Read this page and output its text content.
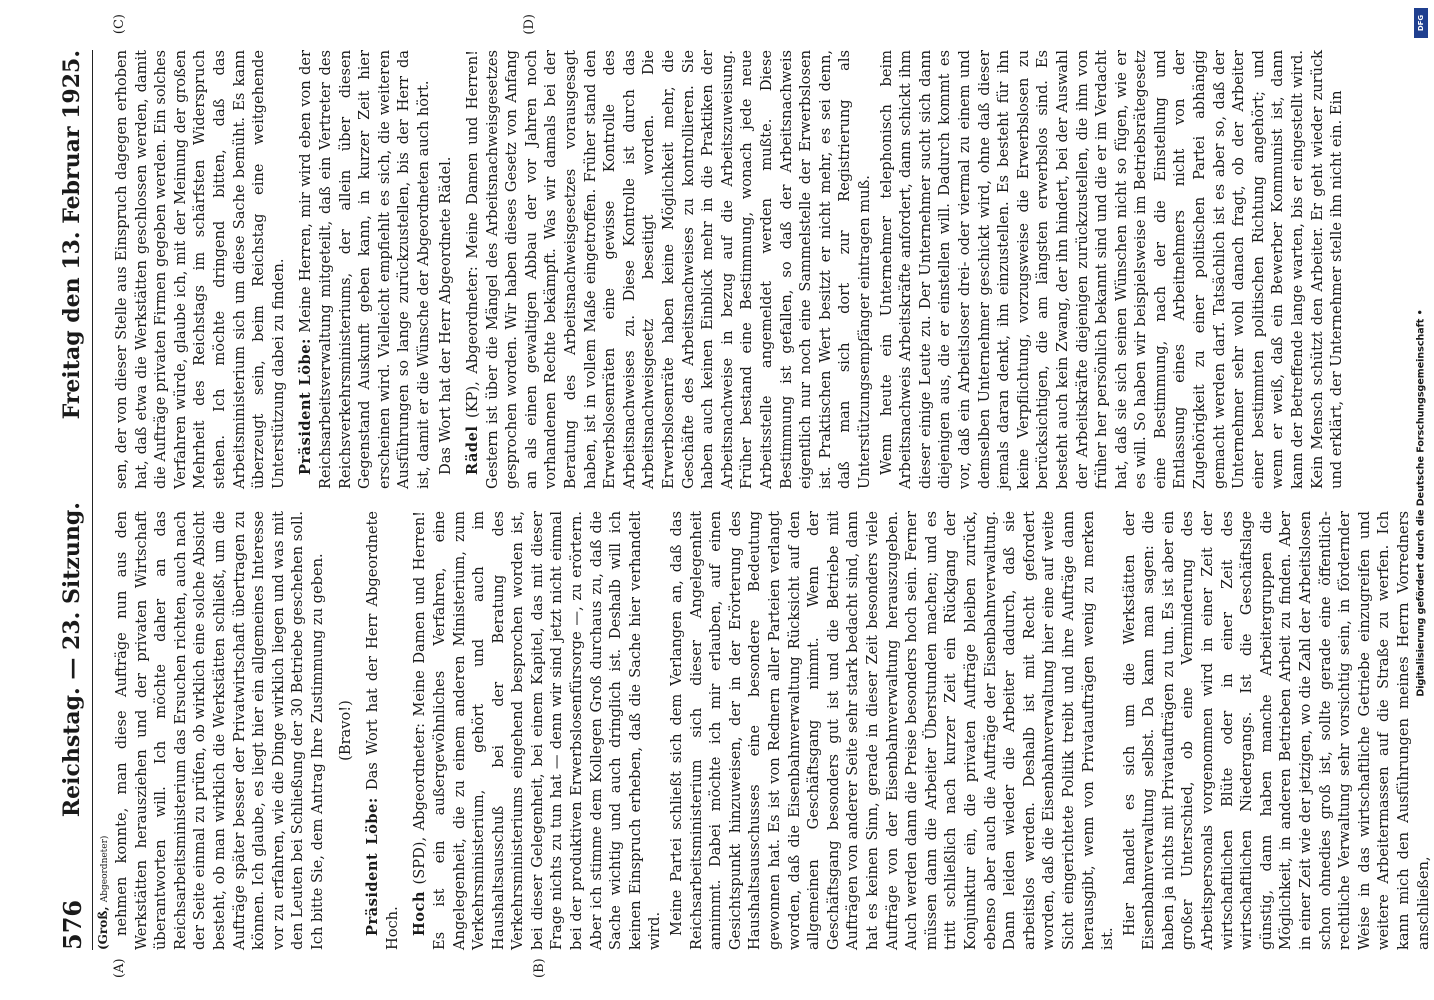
576
Reichstag. — 23. Sitzung.
Freitag den 13. Februar 1925.
(Groß, Abgeordneter) nehmen konnte, man diese Aufträge nun aus den Werkstätten herausziehen und der privaten Wirtschaft überantworten will. Ich möchte daher an das Reichsarbeitsministerium das Ersuchen richten, auch nach der Seite einmal zu prüfen, ob wirklich eine solche Absicht besteht, ob man wirklich die Werkstätten schließt, um die Aufträge später besser der Privatwirtschaft übertragen zu können. Ich glaube, es liegt hier ein allgemeines Interesse vor zu erfahren, wie die Dinge wirklich liegen und was mit den Leuten bei Schließung der 30 Betriebe geschehen soll. Ich bitte Sie, dem Antrag Ihre Zustimmung zu geben. (Bravo!)

Präsident Löbe: Das Wort hat der Herr Abgeordnete Hoch. Hoch (SPD), Abgeordneter: Meine Damen und Herren! Es ist ein außergewöhnliches Verfahren, eine Angelegenheit, die zu einem anderen Ministerium, zum Verkehrsministerium, gehört und auch im Haushaltsausschuß bei der Beratung des Verkehrsministeriums eingehend besprochen worden ist, bei dieser Gelegenheit, bei einem Kapitel, das mit dieser Frage nichts zu tun hat — denn wir sind jetzt nicht einmal bei der produktiven Erwerbslosenfürsorge —, zu erörtern. Aber ich stimme dem Kollegen Groß durchaus zu, daß die Sache wichtig und auch dringlich ist. Deshalb will ich keinen Einspruch erheben, daß die Sache hier verhandelt wird. Meine Partei schließt sich dem Verlangen an, daß das Reichsarbeitsministerium sich dieser Angelegenheit annimmt. Dabei möchte ich mir erlauben, auf einen Gesichtspunkt hinzuweisen, der in der Erörterung des Haushaltsausschusses eine besondere Bedeutung gewonnen hat. Es ist von Rednern aller Parteien verlangt worden, daß die Eisenbahnverwaltung Rücksicht auf den allgemeinen Geschäftsgang nimmt. Wenn der Geschäftsgang besonders gut ist und die Betriebe mit Aufträgen von anderer Seite sehr stark bedacht sind, dann hat es keinen Sinn, gerade in dieser Zeit besonders viele Aufträge von der Eisenbahnverwaltung herauszugeben. Auch werden dann die Preise besonders hoch sein. Ferner müssen dann die Arbeiter Überstunden machen; und es tritt schließlich nach kurzer Zeit ein Rückgang der Konjunktur ein, die privaten Aufträge bleiben zurück, ebenso aber auch die Aufträge der Eisenbahnverwaltung. Dann leiden wieder die Arbeiter dadurch, daß sie arbeitslos werden. Deshalb ist mit Recht gefordert worden, daß die Eisenbahnverwaltung hier eine auf weite Sicht eingerichtete Politik treibt und ihre Aufträge dann herausgibt, wenn von Privataufträgen wenig zu merken ist.

Hier handelt es sich um die Werkstätten der Eisenbahnverwaltung selbst. Da kann man sagen: die haben ja nichts mit Privataufträgen zu tun. Es ist aber ein großer Unterschied, ob eine Verminderung des Arbeitspersonals vorgenommen wird in einer Zeit der wirtschaftlichen Blüte oder in einer Zeit des wirtschaftlichen Niedergangs. Ist die Geschäftslage günstig, dann haben manche Arbeitergruppen die Möglichkeit, in anderen Betrieben Arbeit zu finden. Aber in einer Zeit wie der jetzigen, wo die Zahl der Arbeitslosen schon ohnedies groß ist, sollte gerade eine öffentlich-rechtliche Verwaltung sehr vorsichtig sein, in fördernder Weise in das wirtschaftliche Getriebe einzugreifen und weitere Arbeitermassen auf die Straße zu werfen. Ich kann mich den Ausführungen meines Herrn Vorredners anschließen,

sen, der von dieser Stelle aus Einspruch dagegen erhoben hat, daß etwa die Werkstätten geschlossen werden, damit die Aufträge privaten Firmen gegeben werden. Ein solches Verfahren würde, glaube ich, mit der Meinung der großen Mehrheit des Reichstags im schärfsten Widerspruch stehen. Ich möchte dringend bitten, daß das Arbeitsministerium sich um diese Sache bemüht. Es kann überzeugt sein, beim Reichstag eine weitgehende Unterstützung dabei zu finden. Präsident Löbe: Meine Herren, mir wird eben von der Reichsarbeitsverwaltung mitgeteilt, daß ein Vertreter des Reichsverkehrsministeriums, der allein über diesen Gegenstand Auskunft geben kann, in kurzer Zeit hier erscheinen wird. Vielleicht empfiehlt es sich, die weiteren Ausführungen so lange zurückzustellen, bis der Herr da ist, damit er die Wünsche der Abgeordneten auch hört. Das Wort hat der Herr Abgeordnete Rädel. Rädel (KP), Abgeordneter: Meine Damen und Herren! Gestern ist über die Mängel des Arbeitsnachweisgesetzes gesprochen worden. Wir haben dieses Gesetz von Anfang an als einen gewaltigen Abbau der vor Jahren noch vorhandenen Rechte bekämpft. Was wir damals bei der Beratung des Arbeitsnachweisgesetzes vorausgesagt haben, ist in vollem Maße eingetroffen. Früher stand den Erwerbslosenräten eine gewisse Kontrolle des Arbeitsnachweises zu. Diese Kontrolle ist durch das Arbeitsnachweisgesetz beseitigt worden. Die Erwerbslosenräte haben keine Möglichkeit mehr, die Geschäfte des Arbeitsnachweises zu kontrollieren. Sie haben auch keinen Einblick mehr in die Praktiken der Arbeitsnachweise in bezug auf die Arbeitszuweisung. Früher bestand eine Bestimmung, wonach jede neue Arbeitsstelle angemeldet werden mußte. Diese Bestimmung ist gefallen, so daß der Arbeitsnachweis eigentlich nur noch eine Sammelstelle der Erwerbslosen ist. Praktischen Wert besitzt er nicht mehr, es sei denn, daß man sich dort zur Registrierung als Unterstützungsempfänger eintragen muß. Wenn heute ein Unternehmer telephonisch beim Arbeitsnachweis Arbeitskräfte anfordert, dann schickt ihm dieser einige Leute zu. Der Unternehmer sucht sich dann diejenigen aus, die er einstellen will. Dadurch kommt es vor, daß ein Arbeitsloser drei- oder viermal zu einem und demselben Unternehmer geschickt wird, ohne daß dieser jemals daran denkt, ihn einzustellen. Es besteht für ihn keine Verpflichtung, vorzugsweise die Erwerbslosen zu berücksichtigen, die am längsten erwerbslos sind. Es besteht auch kein Zwang, der ihn hindert, bei der Auswahl der Arbeitskräfte diejenigen zurückzustellen, die ihm von früher her persönlich bekannt sind und die er im Verdacht hat, daß sie sich seinen Wünschen nicht so fügen, wie er es will. So haben wir beispielsweise im Betriebsrätegesetz eine Bestimmung, nach der die Einstellung und Entlassung eines Arbeitnehmers nicht von der Zugehörigkeit zu einer politischen Partei abhängig gemacht werden darf. Tatsächlich ist es aber so, daß der Unternehmer sehr wohl danach fragt, ob der Arbeiter einer bestimmten politischen Richtung angehört; und wenn er weiß, daß ein Bewerber Kommunist ist, dann kann der Betreffende lange warten, bis er eingestellt wird. Kein Mensch schützt den Arbeiter. Er geht wieder zurück und erklärt, der Unternehmer stelle ihn nicht ein. Ein

(A)	(B)
(C)	(D)	DFG
Digitalisierung gefördert durch die Deutsche Forschungsgemeinschaft •
